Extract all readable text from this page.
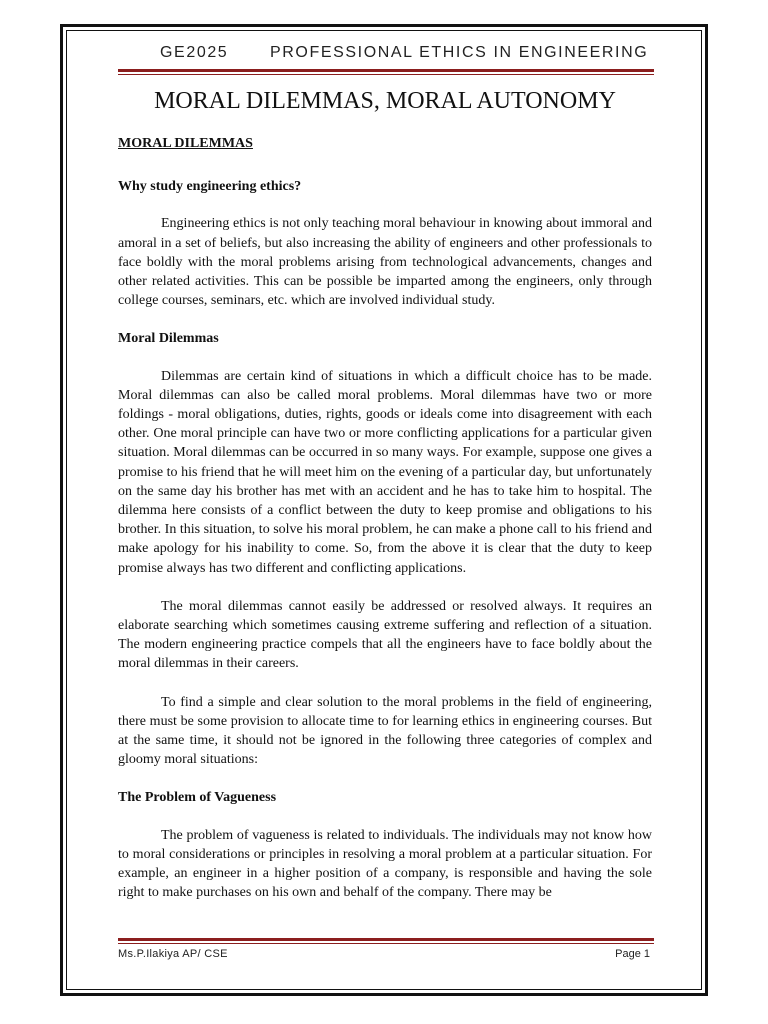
GE2025	PROFESSIONAL ETHICS IN ENGINEERING
MORAL DILEMMAS, MORAL AUTONOMY

MORAL DILEMMAS

Why study engineering ethics?

Engineering ethics is not only teaching moral behaviour in knowing about immoral and amoral in a set of beliefs, but also increasing the ability of engineers and other professionals to face boldly with the moral problems arising from technological advancements, changes and other related activities. This can be possible be imparted among the engineers, only through college courses, seminars, etc. which are involved individual study.

Moral Dilemmas

Dilemmas are certain kind of situations in which a difficult choice has to be made. Moral dilemmas can also be called moral problems. Moral dilemmas have two or more foldings - moral obligations, duties, rights, goods or ideals come into disagreement with each other. One moral principle can have two or more conflicting applications for a particular given situation. Moral dilemmas can be occurred in so many ways. For example, suppose one gives a promise to his friend that he will meet him on the evening of a particular day, but unfortunately on the same day his brother has met with an accident and he has to take him to hospital. The dilemma here consists of a conflict between the duty to keep promise and obligations to his brother. In this situation, to solve his moral problem, he can make a phone call to his friend and make apology for his inability to come. So, from the above it is clear that the duty to keep promise always has two different and conflicting applications.

The moral dilemmas cannot easily be addressed or resolved always. It requires an elaborate searching which sometimes causing extreme suffering and reflection of a situation. The modern engineering practice compels that all the engineers have to face boldly about the moral dilemmas in their careers.

To find a simple and clear solution to the moral problems in the field of engineering, there must be some provision to allocate time to for learning ethics in engineering courses. But at the same time, it should not be ignored in the following three categories of complex and gloomy moral situations:

The Problem of Vagueness

The problem of vagueness is related to individuals. The individuals may not know how to moral considerations or principles in resolving a moral problem at a particular situation. For example, an engineer in a higher position of a company, is responsible and having the sole right to make purchases on his own and behalf of the company. There may be

Ms.P.Ilakiya AP/ CSE	Page 1
